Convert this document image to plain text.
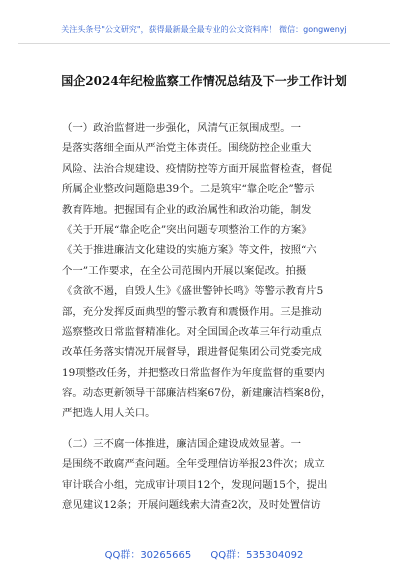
关注头条号"公文研究"，获得最新最全最专业的公文资料库！ 微信：gongwenyj
国企2024年纪检监察工作情况总结及下一步工作计划
（一）政治监督进一步强化，风清气正氛围成型。一
是落实落细全面从严治党主体责任。围绕防控企业重大
风险、法治合规建设、疫情防控等方面开展监督检查，督促
所属企业整改问题隐患39个。二是筑牢“靠企吃企”警示
教育阵地。把握国有企业的政治属性和政治功能，制发
《关于开展“靠企吃企”突出问题专项整治工作的方案》
《关于推进廉洁文化建设的实施方案》等文件，按照“六
个一”工作要求，在全公司范围内开展以案促改。拍摄
《贪欲不遏，自毁人生》《盛世警钟长鸣》等警示教育片5
部，充分发挥反面典型的警示教育和震慑作用。三是推动
巡察整改日常监督精准化。对全国国企改革三年行动重点
改革任务落实情况开展督导，跟进督促集团公司党委完成
19项整改任务，并把整改日常监督作为年度监督的重要内
容。动态更新领导干部廉洁档案67份，新建廉洁档案8份，
严把选人用人关口。
（二）三不腐一体推进，廉洁国企建设成效显著。一
是围绕不敢腐严查问题。全年受理信访举报23件次；成立
审计联合小组，完成审计项目12个，发现问题15个，提出
意见建议12条；开展问题线索大清查2次，及时处置信访
QQ群：30265665 QQ群：535304092
